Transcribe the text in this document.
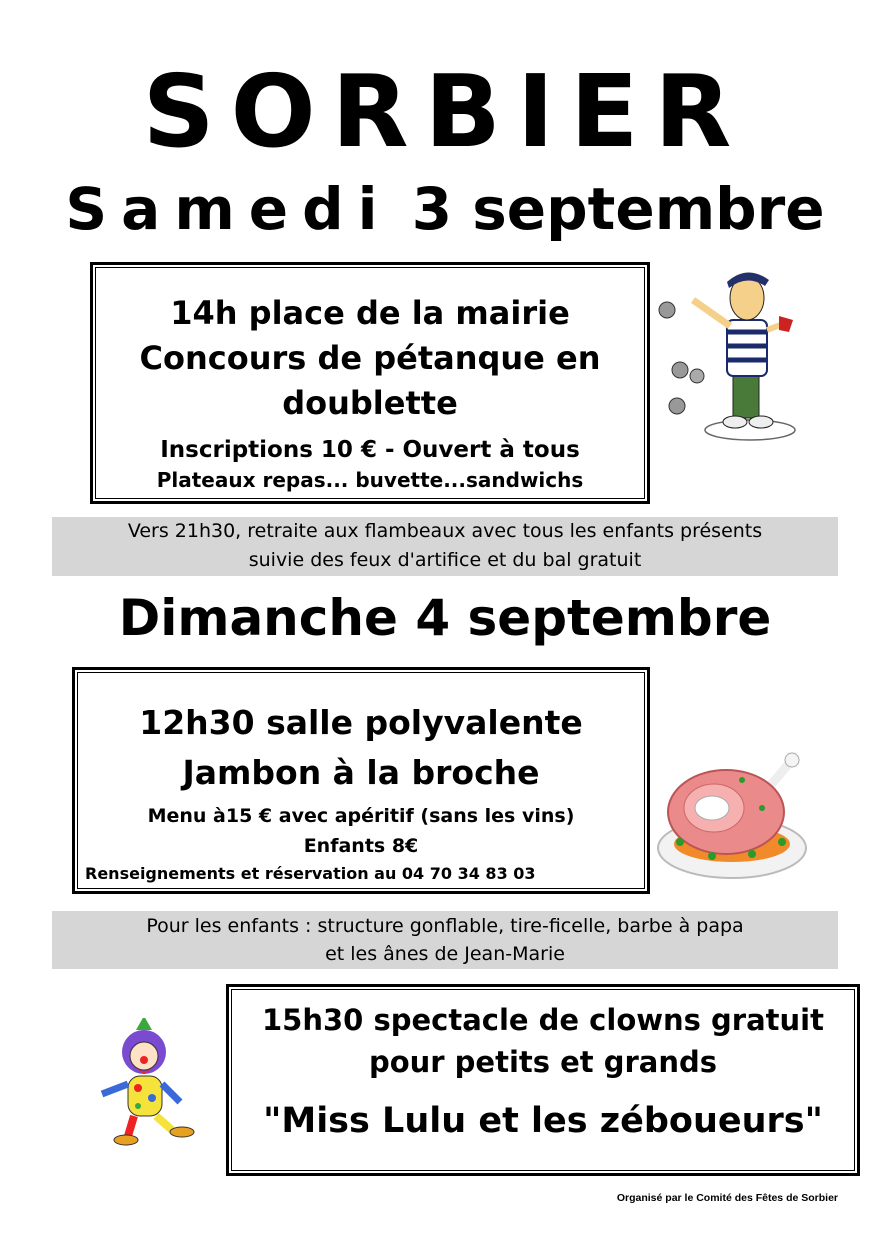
SORBIER
Samedi 3 septembre
14h place de la mairie
Concours de pétanque en
doublette
Inscriptions 10 € - Ouvert à tous
Plateaux repas... buvette...sandwichs
Vers 21h30, retraite aux flambeaux avec tous les enfants présents
suivie des feux d'artifice et du bal gratuit
Dimanche 4 septembre
12h30 salle polyvalente
Jambon à la broche
Menu à15 € avec apéritif (sans les vins)
Enfants 8€
Renseignements et réservation au 04 70 34 83 03
Pour les enfants : structure gonflable, tire-ficelle, barbe à papa
et les ânes de Jean-Marie
15h30 spectacle de clowns gratuit
pour petits et grands
"Miss Lulu et les zéboueurs"
Organisé par le Comité des Fêtes de Sorbier
